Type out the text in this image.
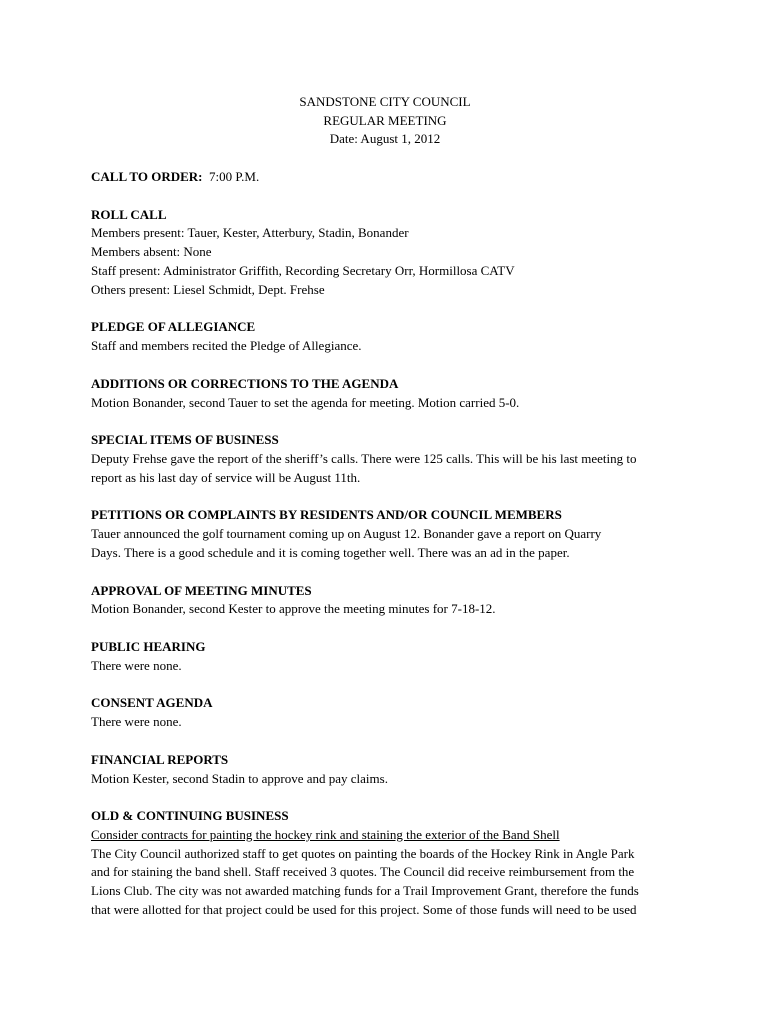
SANDSTONE CITY COUNCIL
REGULAR MEETING
Date: August 1, 2012
CALL TO ORDER: 7:00 P.M.
ROLL CALL
Members present: Tauer, Kester, Atterbury, Stadin, Bonander
Members absent: None
Staff present: Administrator Griffith, Recording Secretary Orr, Hormillosa CATV
Others present: Liesel Schmidt, Dept. Frehse
PLEDGE OF ALLEGIANCE
Staff and members recited the Pledge of Allegiance.
ADDITIONS OR CORRECTIONS TO THE AGENDA
Motion Bonander, second Tauer to set the agenda for meeting. Motion carried 5-0.
SPECIAL ITEMS OF BUSINESS
Deputy Frehse gave the report of the sheriff’s calls. There were 125 calls. This will be his last meeting to
report as his last day of service will be August 11th.
PETITIONS OR COMPLAINTS BY RESIDENTS AND/OR COUNCIL MEMBERS
Tauer announced the golf tournament coming up on August 12. Bonander gave a report on Quarry
Days. There is a good schedule and it is coming together well. There was an ad in the paper.
APPROVAL OF MEETING MINUTES
Motion Bonander, second Kester to approve the meeting minutes for 7-18-12.
PUBLIC HEARING
There were none.
CONSENT AGENDA
There were none.
FINANCIAL REPORTS
Motion Kester, second Stadin to approve and pay claims.
OLD & CONTINUING BUSINESS
Consider contracts for painting the hockey rink and staining the exterior of the Band Shell
The City Council authorized staff to get quotes on painting the boards of the Hockey Rink in Angle Park
and for staining the band shell. Staff received 3 quotes. The Council did receive reimbursement from the
Lions Club. The city was not awarded matching funds for a Trail Improvement Grant, therefore the funds
that were allotted for that project could be used for this project. Some of those funds will need to be used
